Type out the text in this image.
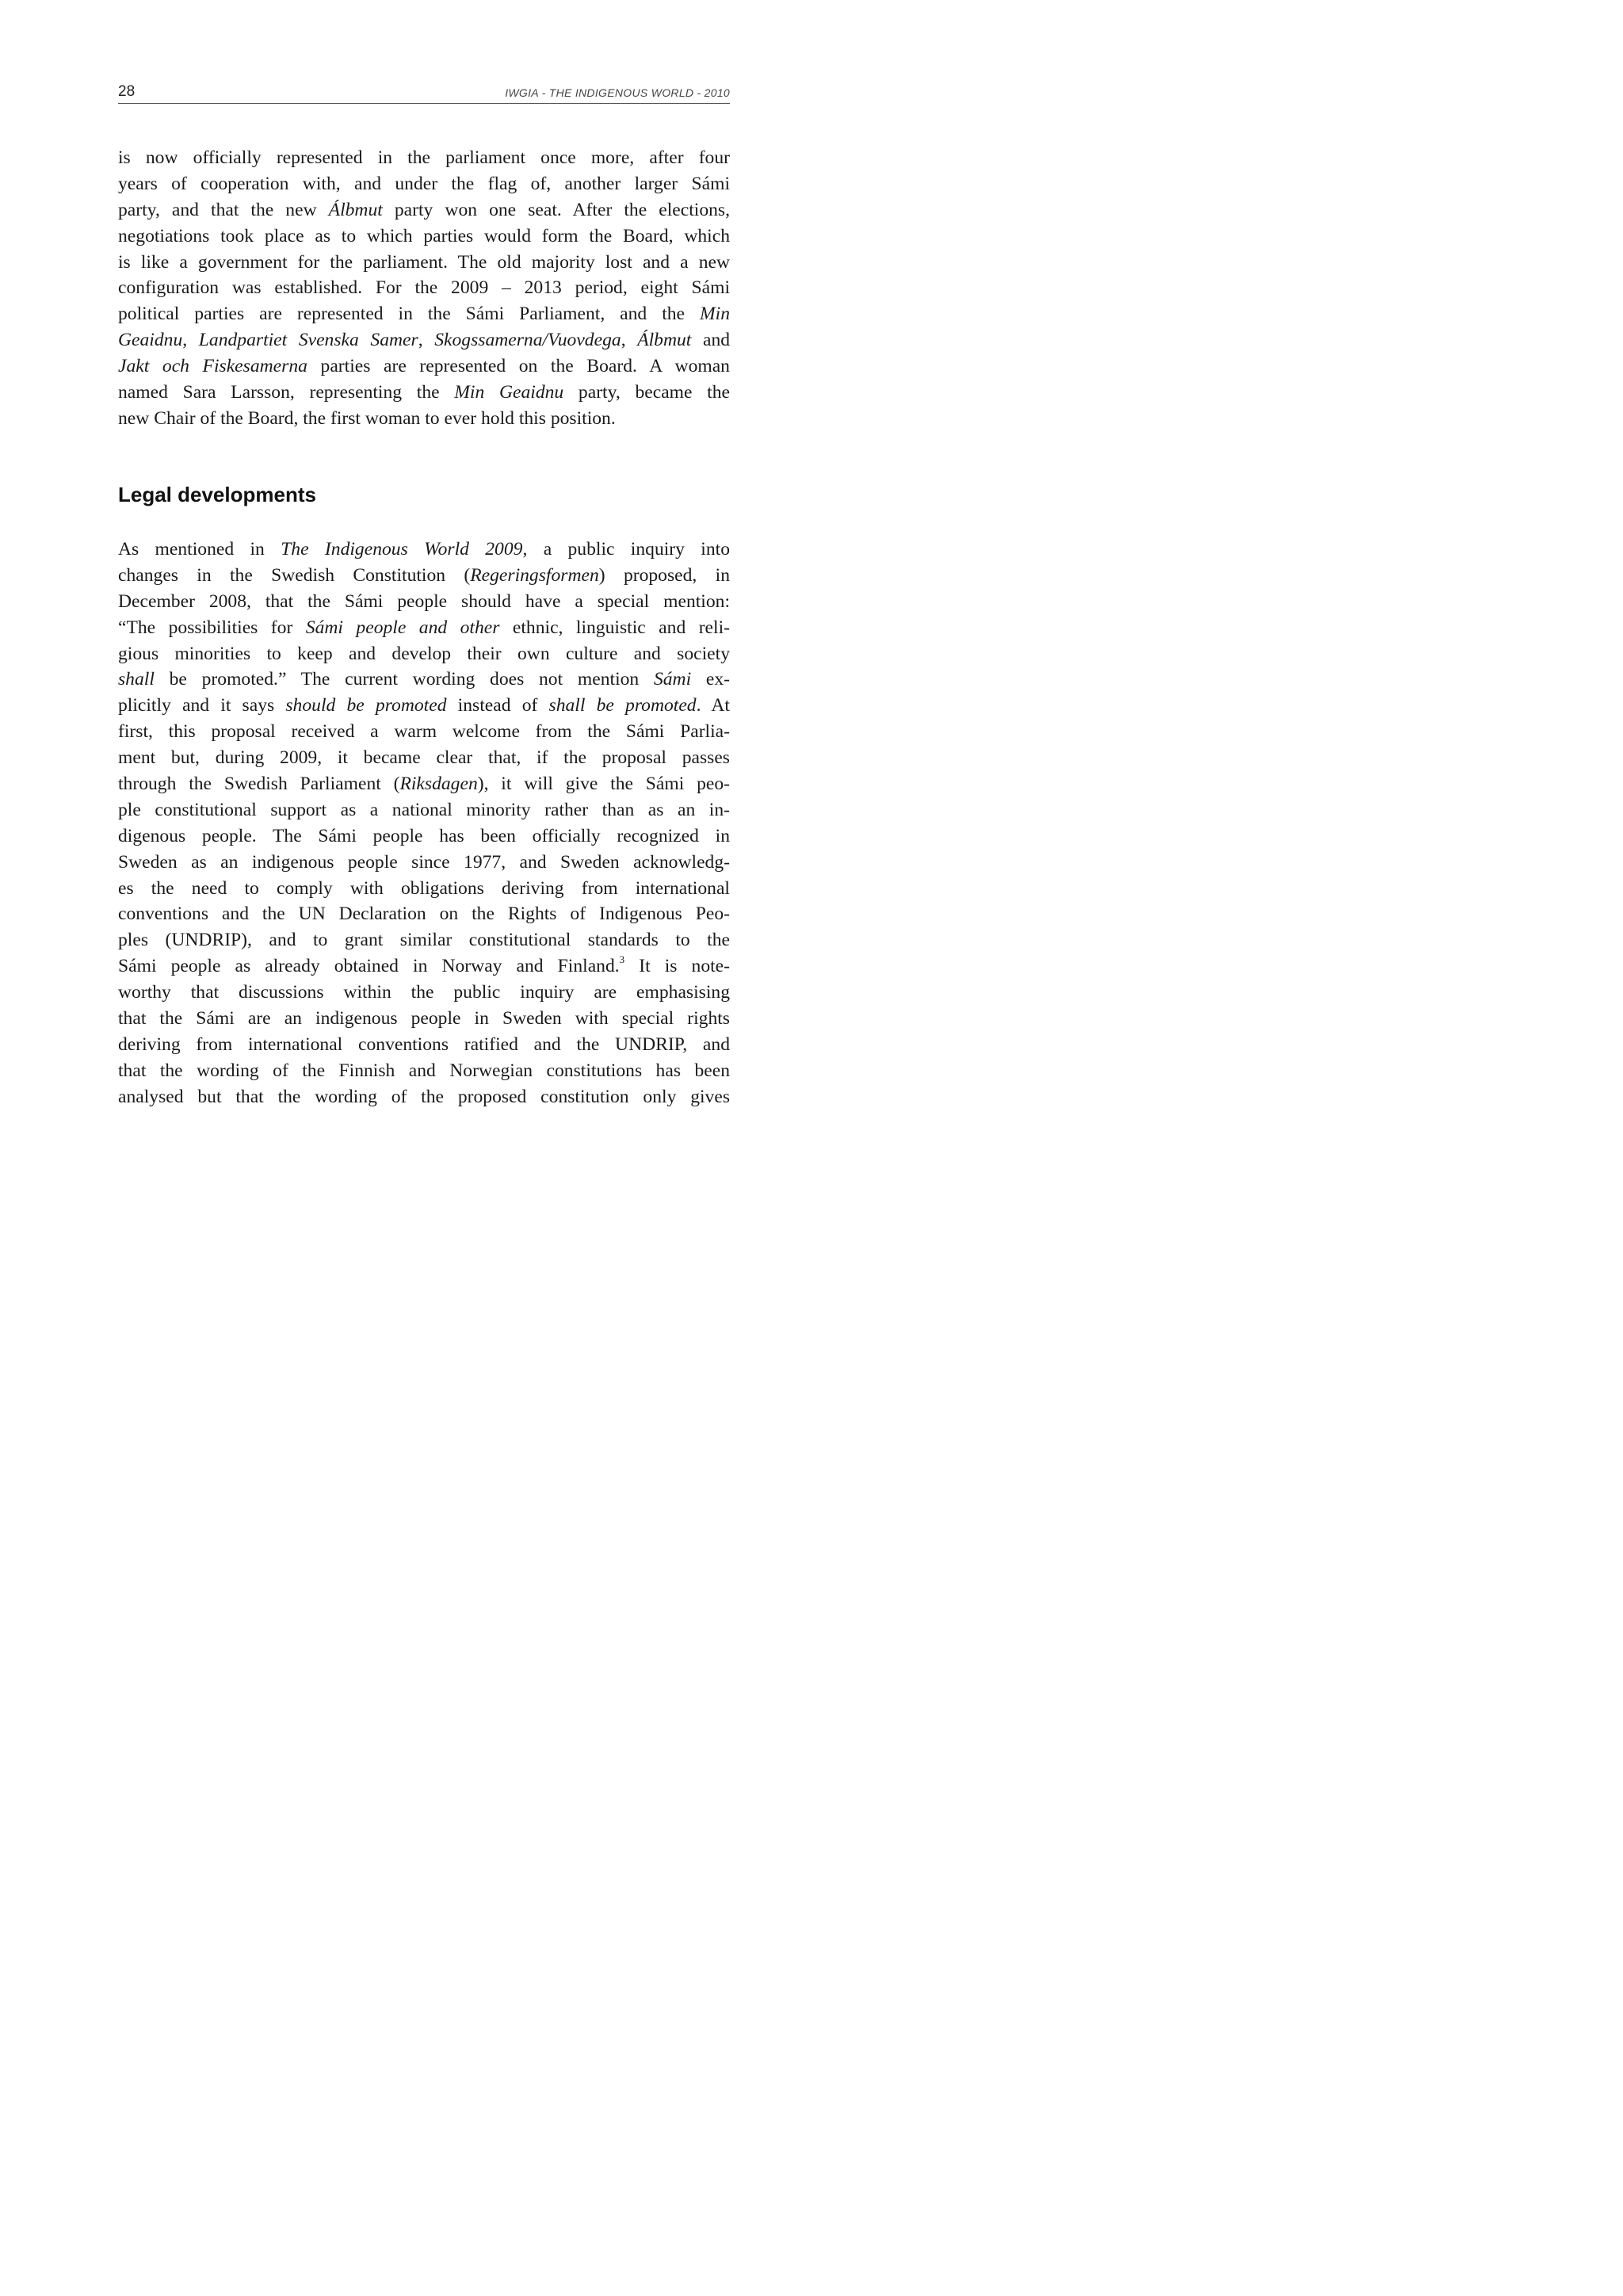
28	IWGIA - THE INDIGENOUS WORLD - 2010
is now officially represented in the parliament once more, after four
years of cooperation with, and under the flag of, another larger Sámi
party, and that the new Álbmut party won one seat. After the elections,
negotiations took place as to which parties would form the Board, which
is like a government for the parliament. The old majority lost and a new
configuration was established. For the 2009 – 2013 period, eight Sámi
political parties are represented in the Sámi Parliament, and the Min
Geaidnu, Landpartiet Svenska Samer, Skogssamerna/Vuovdega, Álbmut and
Jakt och Fiskesamerna parties are represented on the Board. A woman
named Sara Larsson, representing the Min Geaidnu party, became the
new Chair of the Board, the first woman to ever hold this position.
Legal developments
As mentioned in The Indigenous World 2009, a public inquiry into
changes in the Swedish Constitution (Regeringsformen) proposed, in
December 2008, that the Sámi people should have a special mention:
“The possibilities for Sámi people and other ethnic, linguistic and reli-
gious minorities to keep and develop their own culture and society
shall be promoted.” The current wording does not mention Sámi ex-
plicitly and it says should be promoted instead of shall be promoted. At
first, this proposal received a warm welcome from the Sámi Parlia-
ment but, during 2009, it became clear that, if the proposal passes
through the Swedish Parliament (Riksdagen), it will give the Sámi peo-
ple constitutional support as a national minority rather than as an in-
digenous people. The Sámi people has been officially recognized in
Sweden as an indigenous people since 1977, and Sweden acknowledg-
es the need to comply with obligations deriving from international
conventions and the UN Declaration on the Rights of Indigenous Peo-
ples (UNDRIP), and to grant similar constitutional standards to the
Sámi people as already obtained in Norway and Finland.$^3$ It is note-
worthy that discussions within the public inquiry are emphasising
that the Sámi are an indigenous people in Sweden with special rights
deriving from international conventions ratified and the UNDRIP, and
that the wording of the Finnish and Norwegian constitutions has been
analysed but that the wording of the proposed constitution only gives
